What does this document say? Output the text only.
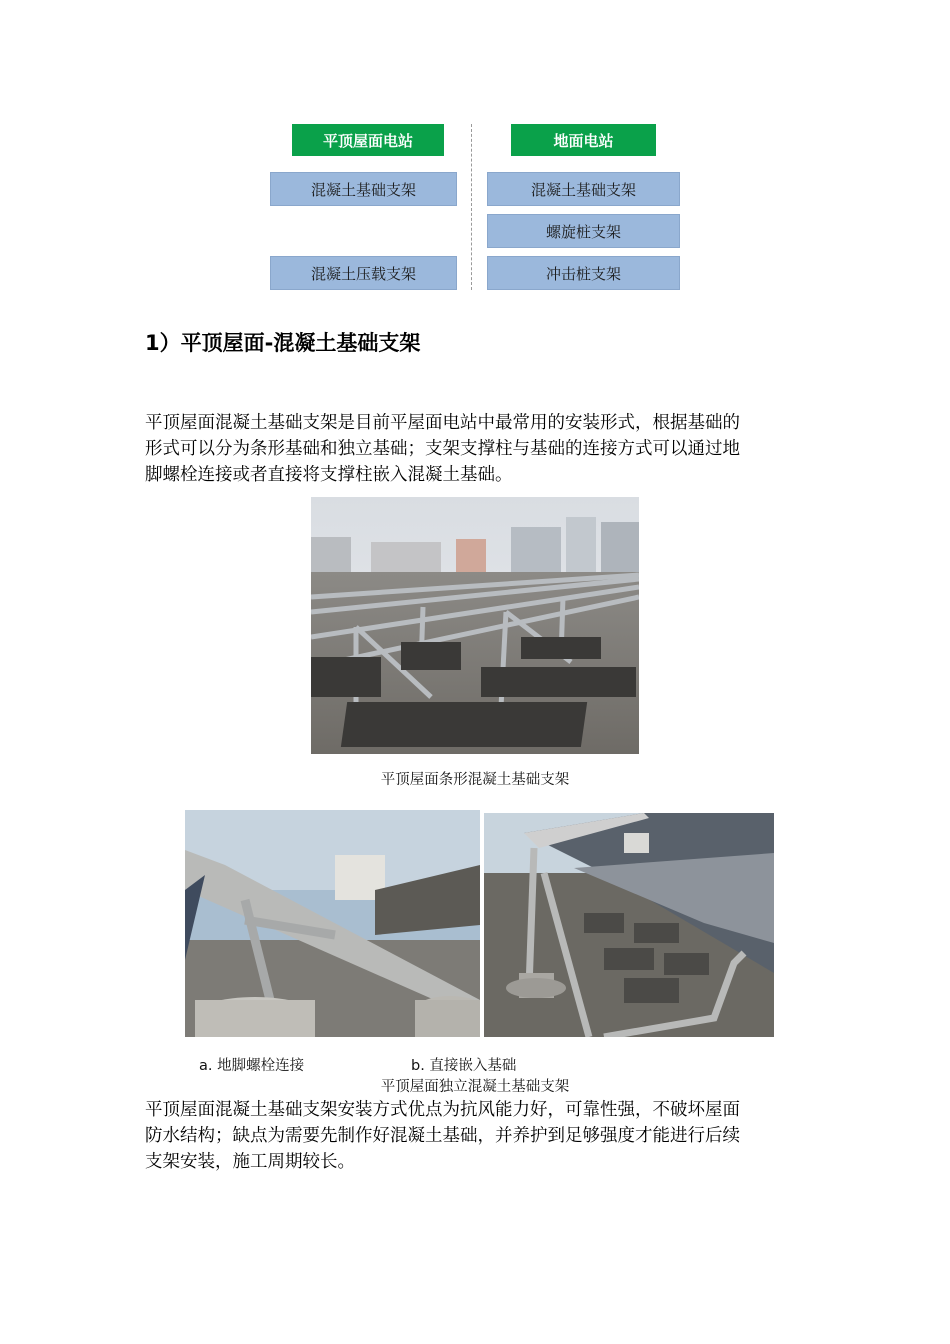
平顶屋面电站	地面电站
混凝土基础支架
混凝土压载支架
混凝土基础支架
螺旋桩支架
冲击桩支架
1）平顶屋面-混凝土基础支架
平顶屋面混凝土基础支架是目前平屋面电站中最常用的安装形式，根据基础的
形式可以分为条形基础和独立基础；支架支撑柱与基础的连接方式可以通过地
脚螺栓连接或者直接将支撑柱嵌入混凝土基础。
平顶屋面条形混凝土基础支架
a. 地脚螺栓连接	b. 直接嵌入基础
平顶屋面独立混凝土基础支架
平顶屋面混凝土基础支架安装方式优点为抗风能力好，可靠性强，不破坏屋面
防水结构；缺点为需要先制作好混凝土基础，并养护到足够强度才能进行后续
支架安装，施工周期较长。
